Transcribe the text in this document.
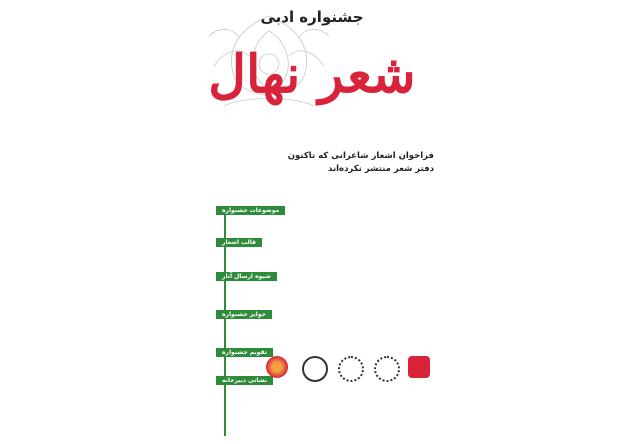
جشنواره ادبی
شعر نهال
فراخوان اشعار شاعرانی که تاکنون
دفتر شعر منتشر نکرده‌اند
موضوعات جشنواره

قالب اشعار

شیوه ارسال آثار

جوایز جشنواره

تقویم جشنواره

نشانی دبیرخانه
